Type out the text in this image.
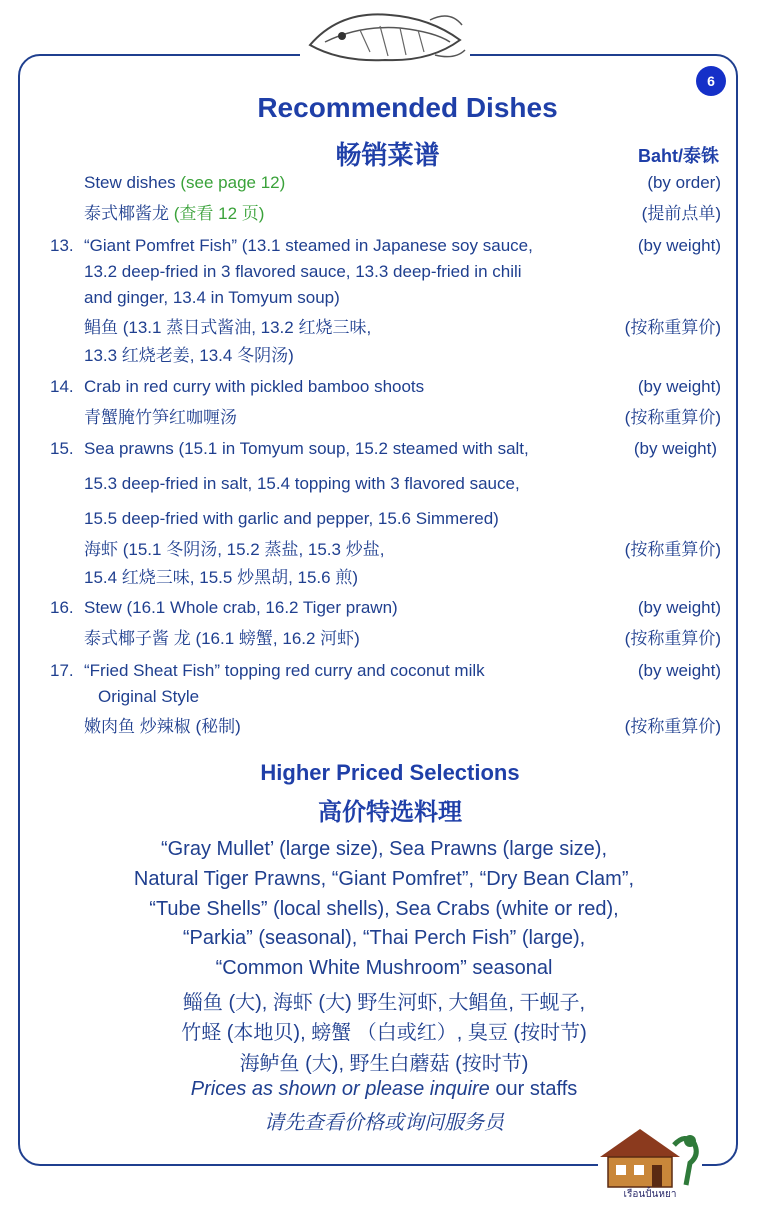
6
Recommended Dishes
畅销菜谱	Baht/泰铢
Stew dishes (see page 12)	(by order)
泰式椰酱龙 (查看 12 页)	(提前点单)
13. “Giant Pomfret Fish” (13.1 steamed in Japanese soy sauce,	(by weight)
13.2 deep-fried in 3 flavored sauce, 13.3 deep-fried in chili
and ginger, 13.4 in Tomyum soup)
鲳鱼 (13.1 蒸日式酱油, 13.2 红烧三味,	(按称重算价)
13.3 红烧老姜, 13.4 冬阴汤)
14. Crab in red curry with pickled bamboo shoots	(by weight)
青蟹腌竹笋红咖喱汤	(按称重算价)
15. Sea prawns (15.1 in Tomyum soup, 15.2 steamed with salt,	(by weight)
15.3 deep-fried in salt, 15.4 topping with 3 flavored sauce,
15.5 deep-fried with garlic and pepper, 15.6 Simmered)
海虾 (15.1 冬阴汤, 15.2 蒸盐, 15.3 炒盐,	(按称重算价)
15.4 红烧三味, 15.5 炒黑胡, 15.6 煎)
16. Stew (16.1 Whole crab, 16.2 Tiger prawn)	(by weight)
泰式椰子酱 龙 (16.1 螃蟹, 16.2 河虾)	(按称重算价)
17. “Fried Sheat Fish” topping red curry and coconut milk	(by weight)
Original Style
嫩肉鱼 炒辣椒 (秘制)	(按称重算价)
Higher Priced Selections
高价特选料理
“Gray Mullet’ (large size), Sea Prawns (large size),
Natural Tiger Prawns, “Giant Pomfret”, “Dry Bean Clam”,
“Tube Shells” (local shells), Sea Crabs (white or red),
“Parkia” (seasonal), “Thai Perch Fish” (large),
“Common White Mushroom” seasonal
鲻鱼 (大), 海虾 (大) 野生河虾, 大鲳鱼, 干蚬子,
竹蛏 (本地贝), 螃蟹 （白或红）, 臭豆 (按时节)
海鲈鱼 (大), 野生白蘑菇 (按时节)
Prices as shown or please inquire our staffs
请先查看价格或询问服务员
เรือนปั้นหยา
